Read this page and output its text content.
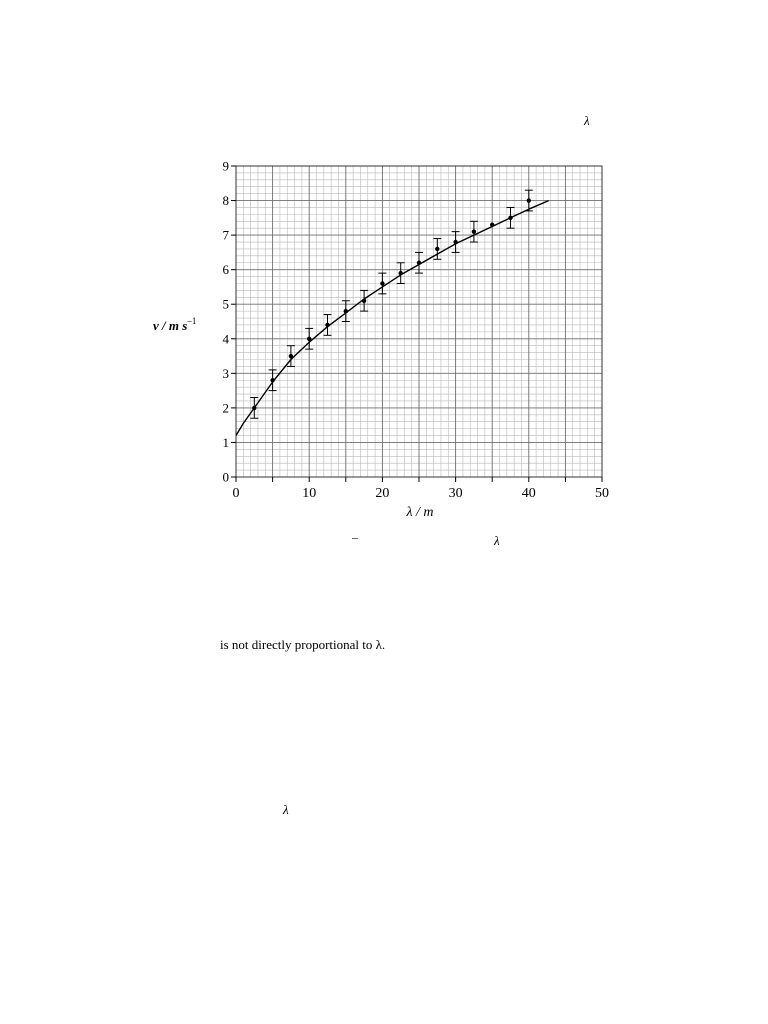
λ
0	10	20	30	40	50
0
1
2
3
4
5
6
7
8
9
λ / m
v / m $s^{-1}$
–	λ
is not directly proportional to λ.
λ
